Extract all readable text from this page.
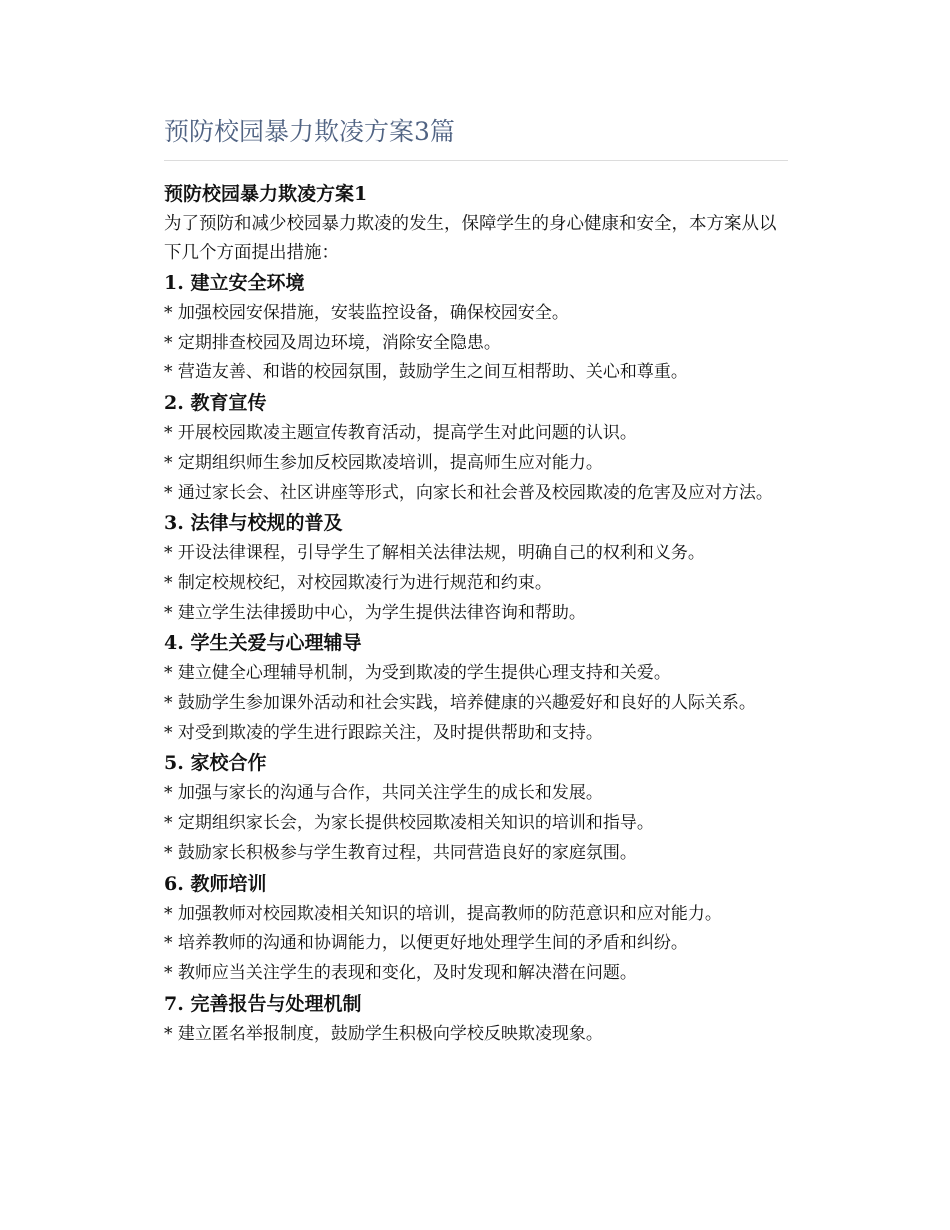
预防校园暴力欺凌方案3篇
预防校园暴力欺凌方案1

为了预防和减少校园暴力欺凌的发生，保障学生的身心健康和安全，本方案从以下几个方面提出措施：

1. 建立安全环境

* 加强校园安保措施，安装监控设备，确保校园安全。

* 定期排查校园及周边环境，消除安全隐患。

* 营造友善、和谐的校园氛围，鼓励学生之间互相帮助、关心和尊重。

2. 教育宣传

* 开展校园欺凌主题宣传教育活动，提高学生对此问题的认识。

* 定期组织师生参加反校园欺凌培训，提高师生应对能力。

* 通过家长会、社区讲座等形式，向家长和社会普及校园欺凌的危害及应对方法。

3. 法律与校规的普及

* 开设法律课程，引导学生了解相关法律法规，明确自己的权利和义务。

* 制定校规校纪，对校园欺凌行为进行规范和约束。

* 建立学生法律援助中心，为学生提供法律咨询和帮助。

4. 学生关爱与心理辅导

* 建立健全心理辅导机制，为受到欺凌的学生提供心理支持和关爱。

* 鼓励学生参加课外活动和社会实践，培养健康的兴趣爱好和良好的人际关系。

* 对受到欺凌的学生进行跟踪关注，及时提供帮助和支持。

5. 家校合作

* 加强与家长的沟通与合作，共同关注学生的成长和发展。

* 定期组织家长会，为家长提供校园欺凌相关知识的培训和指导。

* 鼓励家长积极参与学生教育过程，共同营造良好的家庭氛围。

6. 教师培训

* 加强教师对校园欺凌相关知识的培训，提高教师的防范意识和应对能力。

* 培养教师的沟通和协调能力，以便更好地处理学生间的矛盾和纠纷。

* 教师应当关注学生的表现和变化，及时发现和解决潜在问题。

7. 完善报告与处理机制

* 建立匿名举报制度，鼓励学生积极向学校反映欺凌现象。
